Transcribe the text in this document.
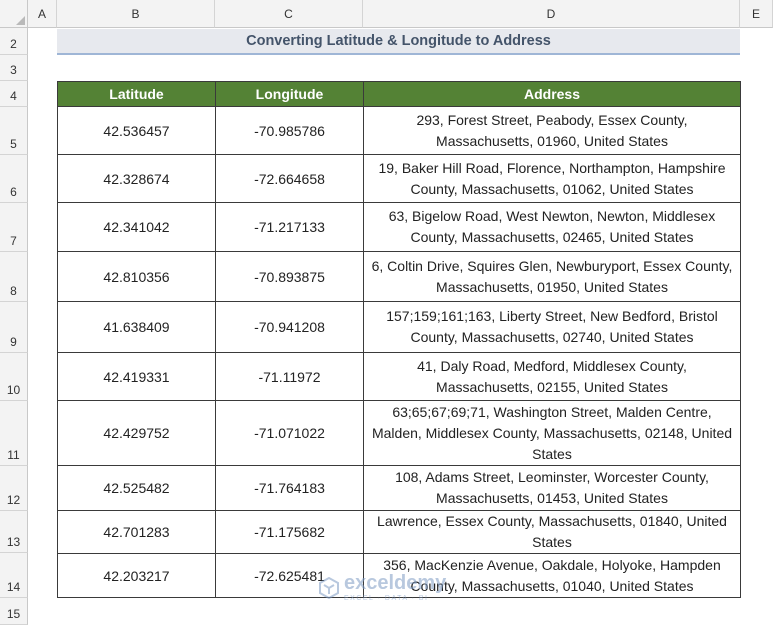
A	B	C	D	E
2
3
4
5
6
7
8
9
10
11
12
13
14
15
Converting Latitude & Longitude to Address
Latitude	Longitude	Address
42.536457	-70.985786	293, Forest Street, Peabody, Essex County, Massachusetts, 01960, United States
42.328674	-72.664658	19, Baker Hill Road, Florence, Northampton, Hampshire County, Massachusetts, 01062, United States
42.341042	-71.217133	63, Bigelow Road, West Newton, Newton, Middlesex County, Massachusetts, 02465, United States
42.810356	-70.893875	6, Coltin Drive, Squires Glen, Newburyport, Essex County, Massachusetts, 01950, United States
41.638409	-70.941208	157;159;161;163, Liberty Street, New Bedford, Bristol County, Massachusetts, 02740, United States
42.419331	-71.11972	41, Daly Road, Medford, Middlesex County, Massachusetts, 02155, United States
42.429752	-71.071022	63;65;67;69;71, Washington Street, Malden Centre, Malden, Middlesex County, Massachusetts, 02148, United States
42.525482	-71.764183	108, Adams Street, Leominster, Worcester County, Massachusetts, 01453, United States
42.701283	-71.175682	Lawrence, Essex County, Massachusetts, 01840, United States
42.203217	-72.625481	356, MacKenzie Avenue, Oakdale, Holyoke, Hampden County, Massachusetts, 01040, United States
exceldemy
EXCEL · DATA · BI
